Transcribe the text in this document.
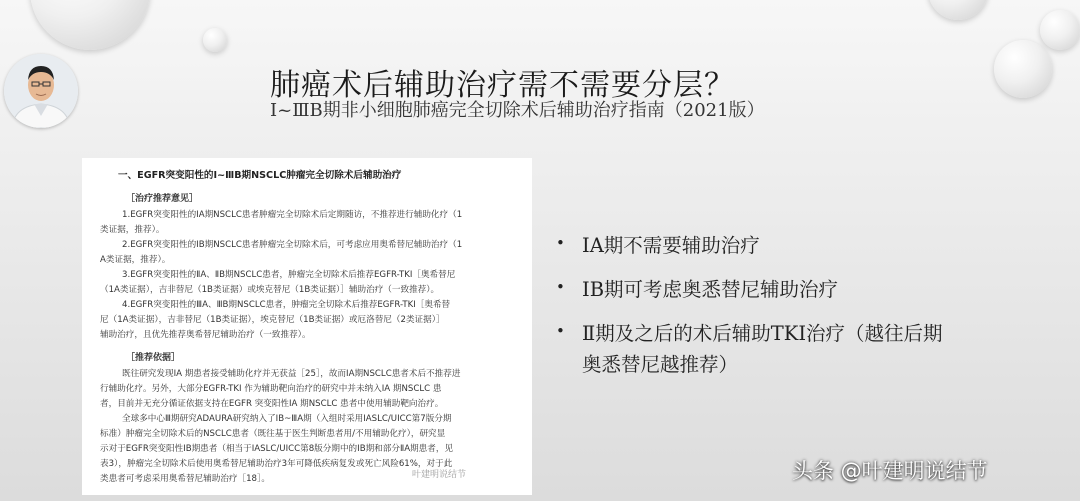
肺癌术后辅助治疗需不需要分层？
Ⅰ~ⅢB期非小细胞肺癌完全切除术后辅助治疗指南（2021版）
一、EGFR突变阳性的Ⅰ~ⅢB期NSCLC肿瘤完全切除术后辅助治疗
［治疗推荐意见］
1.EGFR突变阳性的ⅠA期NSCLC患者肿瘤完全切除术后定期随访，不推荐进行辅助化疗（1
类证据，推荐）。
2.EGFR突变阳性的ⅠB期NSCLC患者肿瘤完全切除术后，可考虑应用奥希替尼辅助治疗（1
A类证据，推荐）。
3.EGFR突变阳性的ⅡA、ⅡB期NSCLC患者，肿瘤完全切除术后推荐EGFR-TKI［奥希替尼
（1A类证据），吉非替尼（1B类证据）或埃克替尼（1B类证据）］辅助治疗（一致推荐）。
4.EGFR突变阳性的ⅢA、ⅢB期NSCLC患者，肿瘤完全切除术后推荐EGFR-TKI［奥希替
尼（1A类证据），吉非替尼（1B类证据），埃克替尼（1B类证据）或厄洛替尼（2类证据）］
辅助治疗，且优先推荐奥希替尼辅助治疗（一致推荐）。
［推荐依据］
既往研究发现ⅠA 期患者接受辅助化疗并无获益［25］，故而ⅠA期NSCLC患者术后不推荐进
行辅助化疗。另外，大部分EGFR-TKI 作为辅助靶向治疗的研究中并未纳入ⅠA 期NSCLC 患
者，目前并无充分循证依据支持在EGFR 突变阳性ⅠA 期NSCLC 患者中使用辅助靶向治疗。
全球多中心Ⅲ期研究ADAURA研究纳入了ⅠB~ⅢA期（入组时采用IASLC/UICC第7版分期
标准）肿瘤完全切除术后的NSCLC患者（既往基于医生判断患者用/不用辅助化疗），研究显
示对于EGFR突变阳性ⅠB期患者（相当于IASLC/UICC第8版分期中的ⅠB期和部分ⅡA期患者，见
表3），肿瘤完全切除术后使用奥希替尼辅助治疗3年可降低疾病复发或死亡风险61%，对于此
类患者可考虑采用奥希替尼辅助治疗［18］。	叶建明说结节
• ⅠA期不需要辅助治疗
• ⅠB期可考虑奥悉替尼辅助治疗
• Ⅱ期及之后的术后辅助TKI治疗（越往后期
奥悉替尼越推荐）
头条 @叶建明说结节
